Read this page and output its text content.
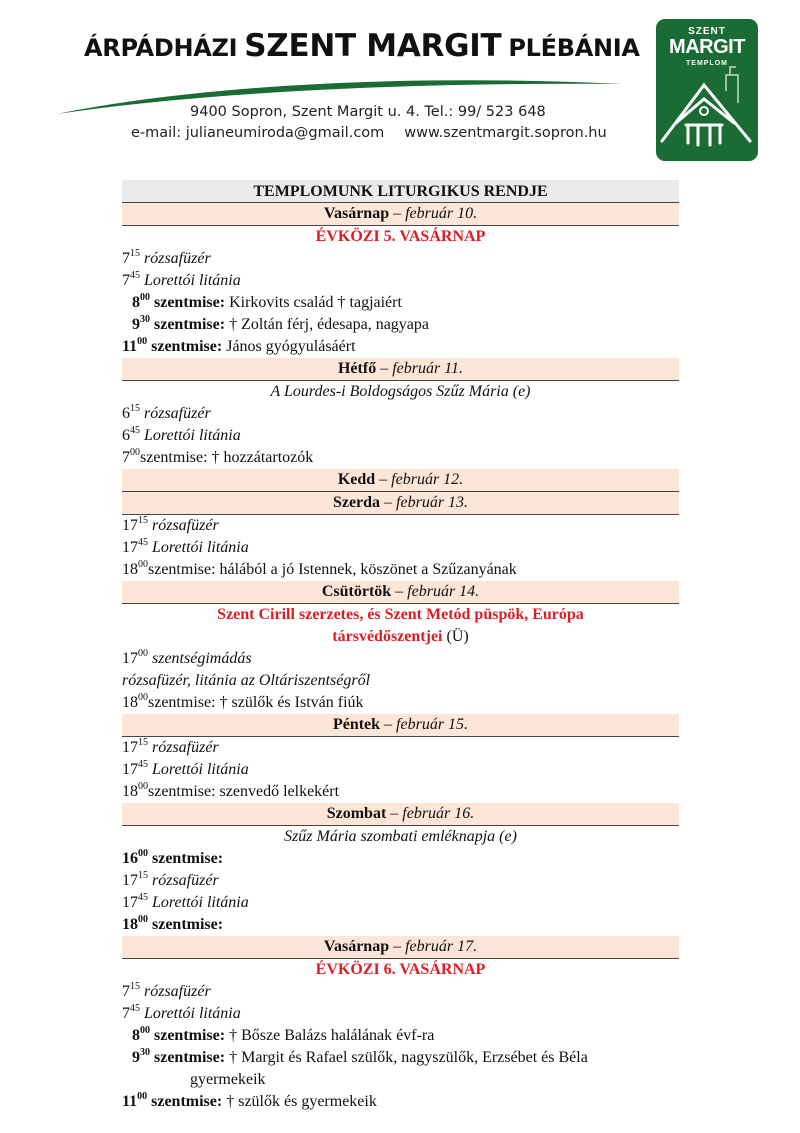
ÁRPÁDHÁZI SZENT MARGIT PLÉBÁNIA
9400 Sopron, Szent Margit u. 4. Tel.: 99/ 523 648
e-mail: julianeumiroda@gmail.com www.szentmargit.sopron.hu
SZENT
MARGIT
TEMPLOM
TEMPLOMUNK LITURGIKUS RENDJE
Vasárnap – február 10.
ÉVKÖZI 5. VASÁRNAP
$7^{15}$ rózsafüzér
$7^{45}$ Lorettói litánia
$8^{00}$ szentmise: Kirkovits család † tagjaiért
$9^{30}$ szentmise: † Zoltán férj, édesapa, nagyapa
$11^{00}$ szentmise: János gyógyulásáért
Hétfő – február 11.
A Lourdes-i Boldogságos Szűz Mária (e)
$6^{15}$ rózsafüzér
$6^{45}$ Lorettói litánia
$7^{00}szentmise$: † hozzátartozók
Kedd – február 12.
Szerda – február 13.
$17^{15}$ rózsafüzér
$17^{45}$ Lorettói litánia
$18^{00}szentmise$: hálából a jó Istennek, köszönet a Szűzanyának
Csütörtök – február 14.
Szent Cirill szerzetes, és Szent Metód püspök, Európa
társvédőszentjei (Ü)
$17^{00}$ szentségimádás
rózsafüzér, litánia az Oltáriszentségről
$18^{00}szentmise$: † szülők és István fiúk
Péntek – február 15.
$17^{15}$ rózsafüzér
$17^{45}$ Lorettói litánia
$18^{00}szentmise$: szenvedő lelkekért
Szombat – február 16.
Szűz Mária szombati emléknapja (e)
$16^{00}$ szentmise:
$17^{15}$ rózsafüzér
$17^{45}$ Lorettói litánia
$18^{00}$ szentmise:
Vasárnap – február 17.
ÉVKÖZI 6. VASÁRNAP
$7^{15}$ rózsafüzér
$7^{45}$ Lorettói litánia
$8^{00}$ szentmise: † Bősze Balázs halálának évf-ra
$9^{30}$ szentmise: † Margit és Rafael szülők, nagyszülők, Erzsébet és Béla
gyermekeik
$11^{00}$ szentmise: † szülők és gyermekeik
